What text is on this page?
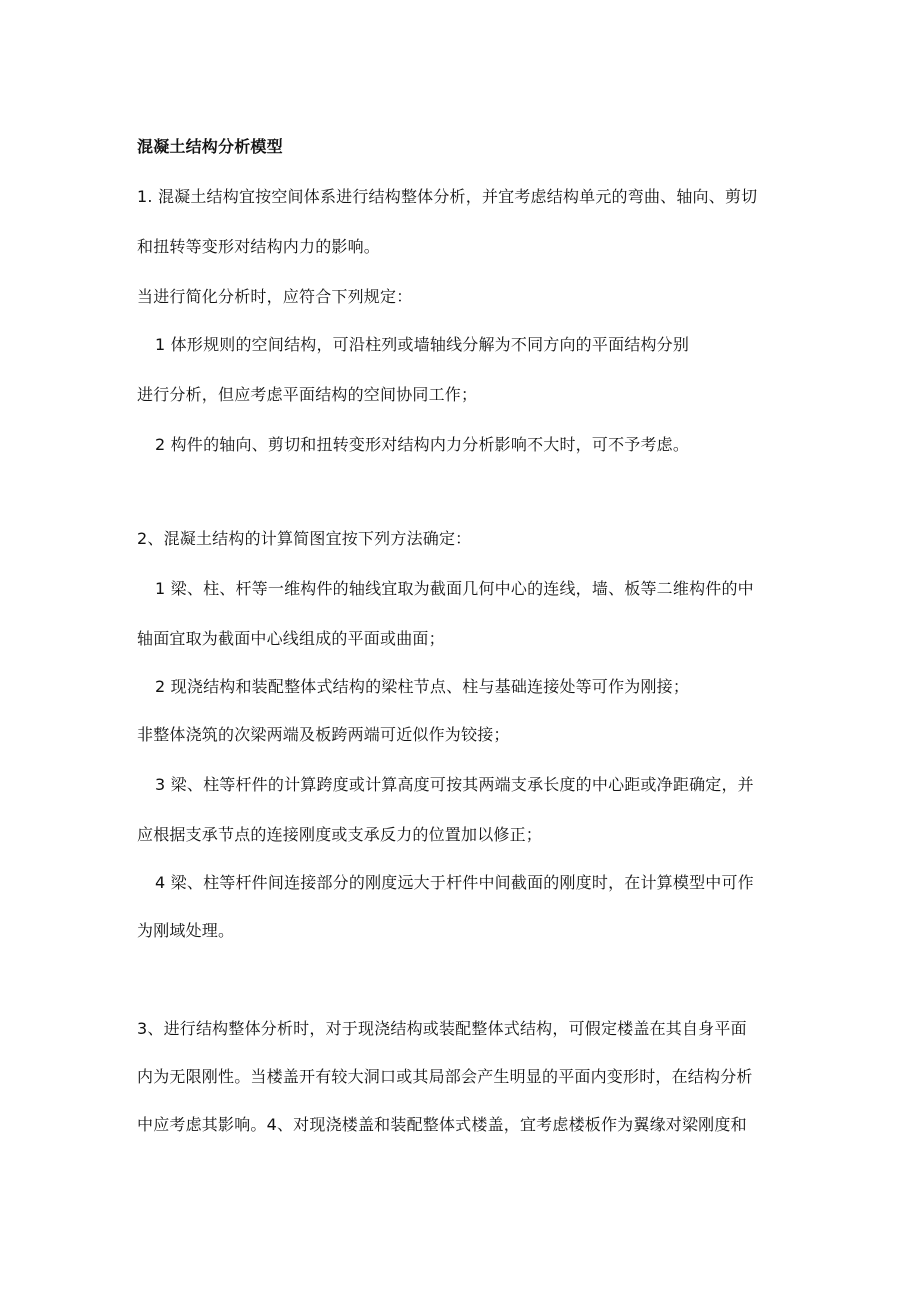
混凝土结构分析模型
1. 混凝土结构宜按空间体系进行结构整体分析，并宜考虑结构单元的弯曲、轴向、剪切
和扭转等变形对结构内力的影响。
当进行简化分析时，应符合下列规定：
1 体形规则的空间结构，可沿柱列或墙轴线分解为不同方向的平面结构分别
进行分析，但应考虑平面结构的空间协同工作；
2 构件的轴向、剪切和扭转变形对结构内力分析影响不大时，可不予考虑。
2、混凝土结构的计算简图宜按下列方法确定：
1 梁、柱、杆等一维构件的轴线宜取为截面几何中心的连线，墙、板等二维构件的中
轴面宜取为截面中心线组成的平面或曲面；
2 现浇结构和装配整体式结构的梁柱节点、柱与基础连接处等可作为刚接；
非整体浇筑的次梁两端及板跨两端可近似作为铰接；
3 梁、柱等杆件的计算跨度或计算高度可按其两端支承长度的中心距或净距确定，并
应根据支承节点的连接刚度或支承反力的位置加以修正；
4 梁、柱等杆件间连接部分的刚度远大于杆件中间截面的刚度时，在计算模型中可作
为刚域处理。
3、进行结构整体分析时，对于现浇结构或装配整体式结构，可假定楼盖在其自身平面
内为无限刚性。当楼盖开有较大洞口或其局部会产生明显的平面内变形时，在结构分析
中应考虑其影响。4、对现浇楼盖和装配整体式楼盖，宜考虑楼板作为翼缘对梁刚度和
